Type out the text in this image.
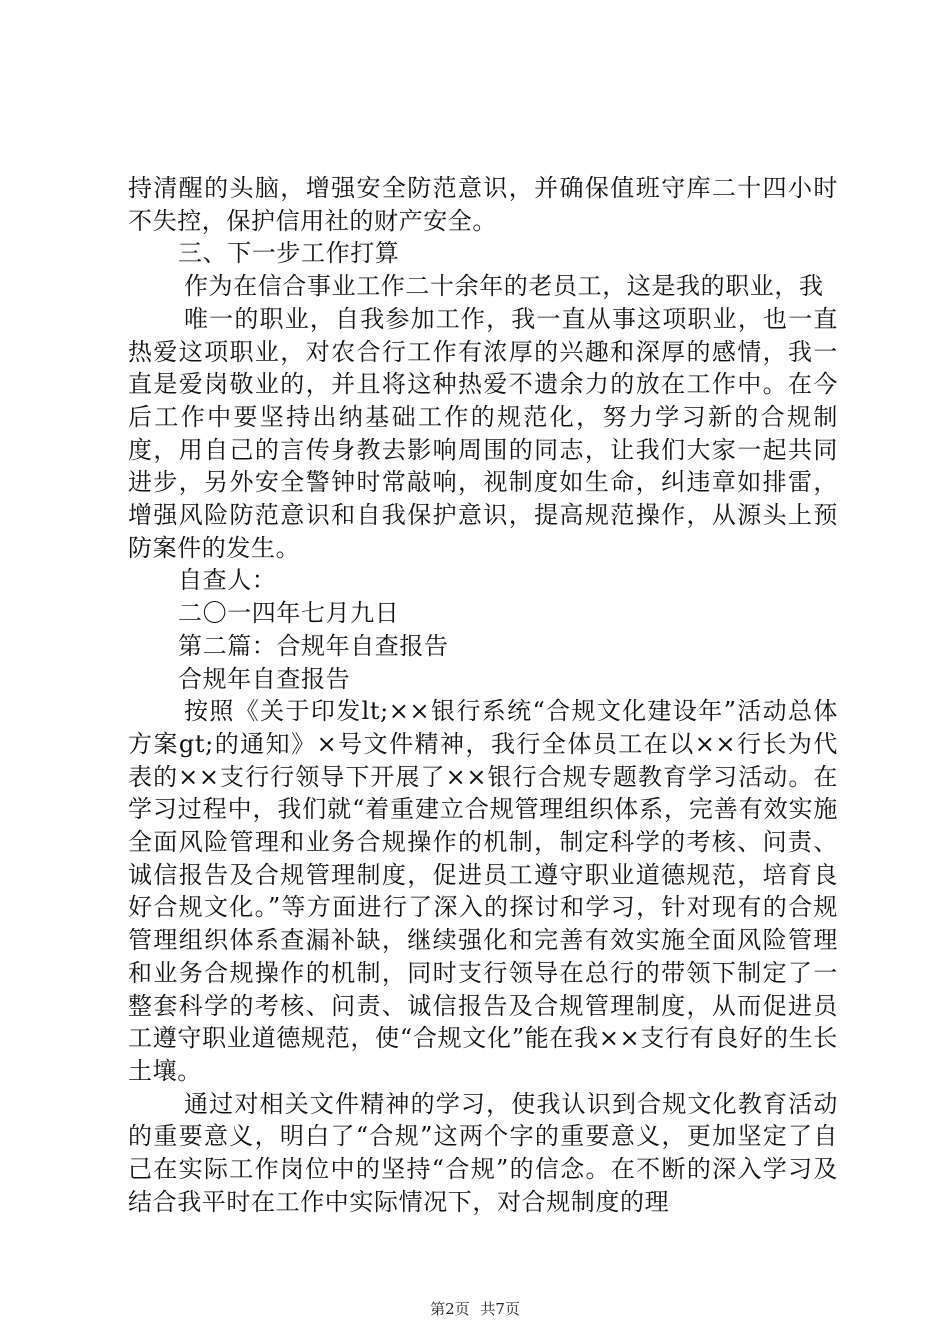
持清醒的头脑，增强安全防范意识，并确保值班守库二十四小时不失控，保护信用社的财产安全。

三、下一步工作打算

作为在信合事业工作二十余年的老员工，这是我的职业，我

唯一的职业，自我参加工作，我一直从事这项职业，也一直热爱这项职业，对农合行工作有浓厚的兴趣和深厚的感情，我一直是爱岗敬业的，并且将这种热爱不遗余力的放在工作中。在今后工作中要坚持出纳基础工作的规范化，努力学习新的合规制度，用自己的言传身教去影响周围的同志，让我们大家一起共同进步，另外安全警钟时常敲响，视制度如生命，纠违章如排雷，增强风险防范意识和自我保护意识，提高规范操作，从源头上预防案件的发生。

自查人：

二〇一四年七月九日

第二篇：合规年自查报告

合规年自查报告

按照《关于印发lt;××银行系统“合规文化建设年”活动总体方案gt;的通知》×号文件精神，我行全体员工在以××行长为代表的××支行行领导下开展了××银行合规专题教育学习活动。在学习过程中，我们就“着重建立合规管理组织体系，完善有效实施全面风险管理和业务合规操作的机制，制定科学的考核、问责、诚信报告及合规管理制度，促进员工遵守职业道德规范，培育良好合规文化。”等方面进行了深入的探讨和学习，针对现有的合规管理组织体系查漏补缺，继续强化和完善有效实施全面风险管理和业务合规操作的机制，同时支行领导在总行的带领下制定了一整套科学的考核、问责、诚信报告及合规管理制度，从而促进员工遵守职业道德规范，使“合规文化”能在我××支行有良好的生长土壤。

通过对相关文件精神的学习，使我认识到合规文化教育活动的重要意义，明白了“合规”这两个字的重要意义，更加坚定了自己在实际工作岗位中的坚持“合规”的信念。在不断的深入学习及结合我平时在工作中实际情况下，对合规制度的理

第2页 共7页
